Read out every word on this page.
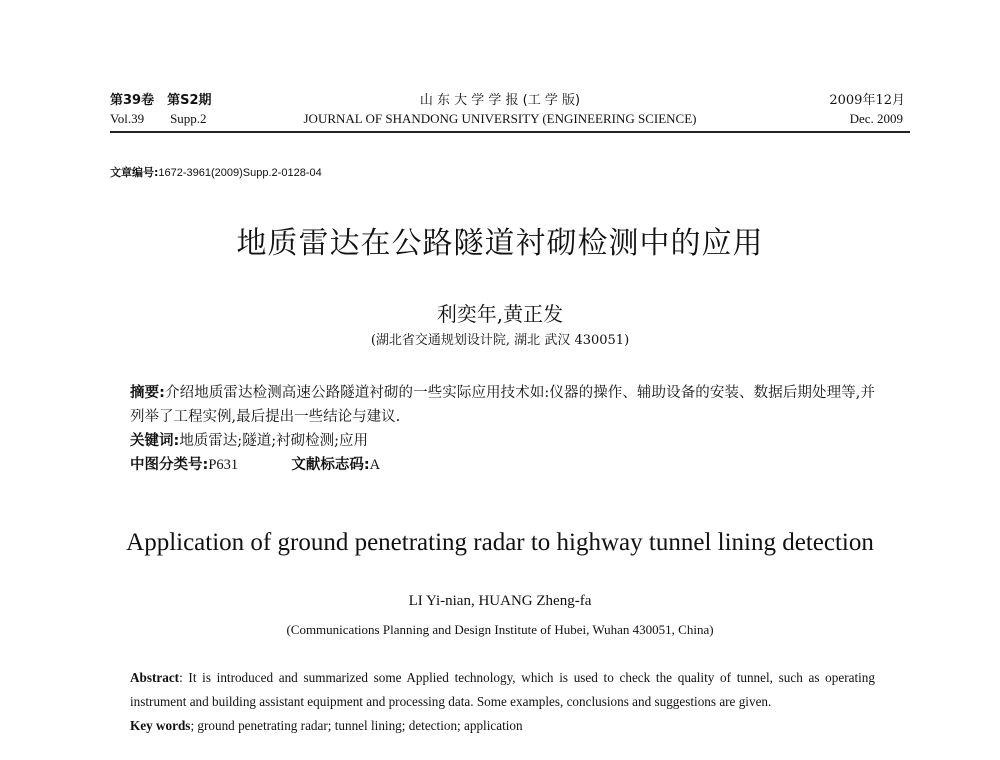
第39卷　第S2期
Vol.39　　Supp.2
山 东 大 学 学 报 (工 学 版)
JOURNAL OF SHANDONG UNIVERSITY (ENGINEERING SCIENCE)
2009年12月
Dec. 2009
文章编号:1672-3961(2009)Supp.2-0128-04
地质雷达在公路隧道衬砌检测中的应用
利奕年,黄正发
(湖北省交通规划设计院, 湖北 武汉 430051)
摘要:介绍地质雷达检测高速公路隧道衬砌的一些实际应用技术如:仪器的操作、辅助设备的安装、数据后期处理等,并列举了工程实例,最后提出一些结论与建议.
关键词:地质雷达;隧道;衬砌检测;应用
中图分类号:P631	文献标志码:A
Application of ground penetrating radar to highway tunnel lining detection
LI Yi-nian, HUANG Zheng-fa
(Communications Planning and Design Institute of Hubei, Wuhan 430051, China)
Abstract: It is introduced and summarized some Applied technology, which is used to check the quality of tunnel, such as operating instrument and building assistant equipment and processing data. Some examples, conclusions and suggestions are given.
Key words; ground penetrating radar; tunnel lining; detection; application
